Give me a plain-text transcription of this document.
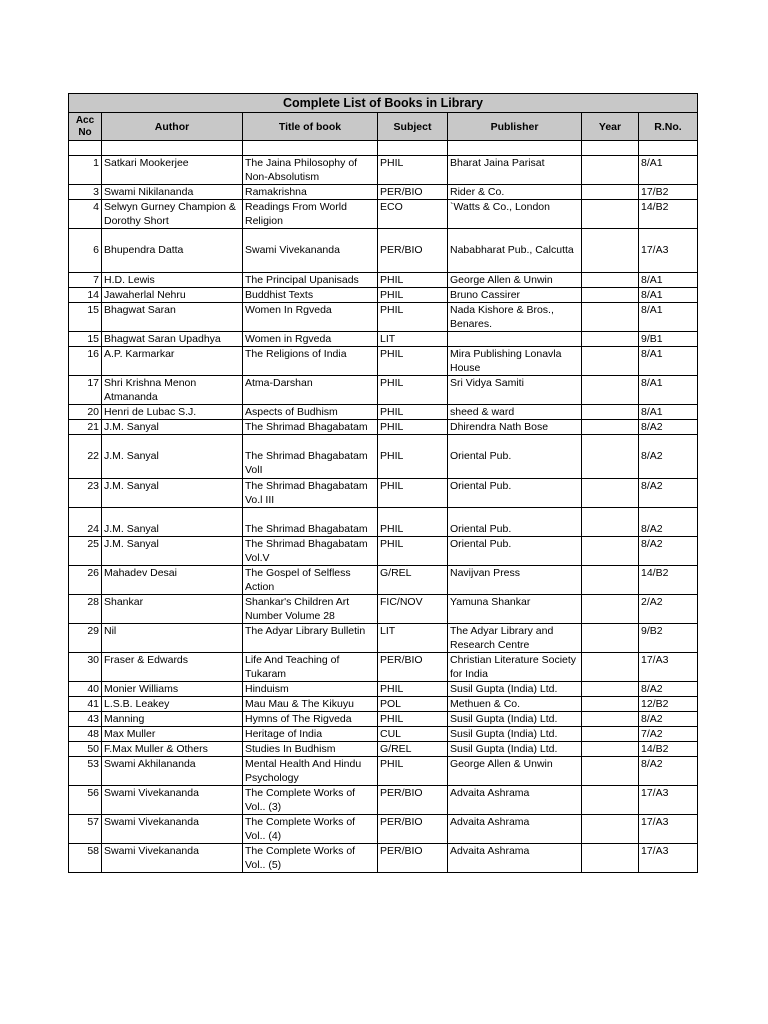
Complete List of Books in Library						
Acc No	Author	Title of book	Subject	Publisher	Year	R.No.

1	Satkari Mookerjee	The Jaina Philosophy of Non-Absolutism	PHIL	Bharat Jaina Parisat		8/A1
3	Swami Nikilananda	Ramakrishna	PER/BIO	Rider & Co.		17/B2
4	Selwyn Gurney Champion & Dorothy Short	Readings From World Religion	ECO	`Watts & Co., London		14/B2
6	Bhupendra Datta	Swami Vivekananda	PER/BIO	Nababharat Pub., Calcutta		17/A3
7	H.D. Lewis	The Principal Upanisads	PHIL	George Allen & Unwin		8/A1
14	Jawaherlal Nehru	Buddhist Texts	PHIL	Bruno Cassirer		8/A1
15	Bhagwat Saran	Women In Rgveda	PHIL	Nada Kishore & Bros., Benares.		8/A1
15	Bhagwat Saran Upadhya	Women in Rgveda	LIT			9/B1
16	A.P. Karmarkar	The Religions of India	PHIL	Mira Publishing Lonavla House		8/A1
17	Shri Krishna Menon Atmananda	Atma-Darshan	PHIL	Sri Vidya Samiti		8/A1
20	Henri de Lubac S.J.	Aspects of Budhism	PHIL	sheed & ward		8/A1
21	J.M. Sanyal	The Shrimad Bhagabatam	PHIL	Dhirendra Nath Bose		8/A2
22	J.M. Sanyal	The Shrimad Bhagabatam VolI	PHIL	Oriental Pub.		8/A2
23	J.M. Sanyal	The Shrimad Bhagabatam Vo.l III	PHIL	Oriental Pub.		8/A2
24	J.M. Sanyal	The Shrimad Bhagabatam	PHIL	Oriental Pub.		8/A2
25	J.M. Sanyal	The Shrimad Bhagabatam Vol.V	PHIL	Oriental Pub.		8/A2
26	Mahadev Desai	The Gospel of Selfless Action	G/REL	Navijvan Press		14/B2
28	Shankar	Shankar's Children Art Number Volume 28	FIC/NOV	Yamuna Shankar		2/A2
29	Nil	The Adyar Library Bulletin	LIT	The Adyar Library and Research Centre		9/B2
30	Fraser & Edwards	Life And Teaching of Tukaram	PER/BIO	Christian Literature Society for India		17/A3
40	Monier Williams	Hinduism	PHIL	Susil Gupta (India) Ltd.		8/A2
41	L.S.B. Leakey	Mau Mau & The Kikuyu	POL	Methuen & Co.		12/B2
43	Manning	Hymns of The Rigveda	PHIL	Susil Gupta (India) Ltd.		8/A2
48	Max Muller	Heritage of India	CUL	Susil Gupta (India) Ltd.		7/A2
50	F.Max Muller & Others	Studies In Budhism	G/REL	Susil Gupta (India) Ltd.		14/B2
53	Swami Akhilananda	Mental Health And Hindu Psychology	PHIL	George Allen & Unwin		8/A2
56	Swami Vivekananda	The Complete Works of Vol.. (3)	PER/BIO	Advaita Ashrama		17/A3
57	Swami Vivekananda	The Complete Works of Vol.. (4)	PER/BIO	Advaita Ashrama		17/A3
58	Swami Vivekananda	The Complete Works of Vol.. (5)	PER/BIO	Advaita Ashrama		17/A3
